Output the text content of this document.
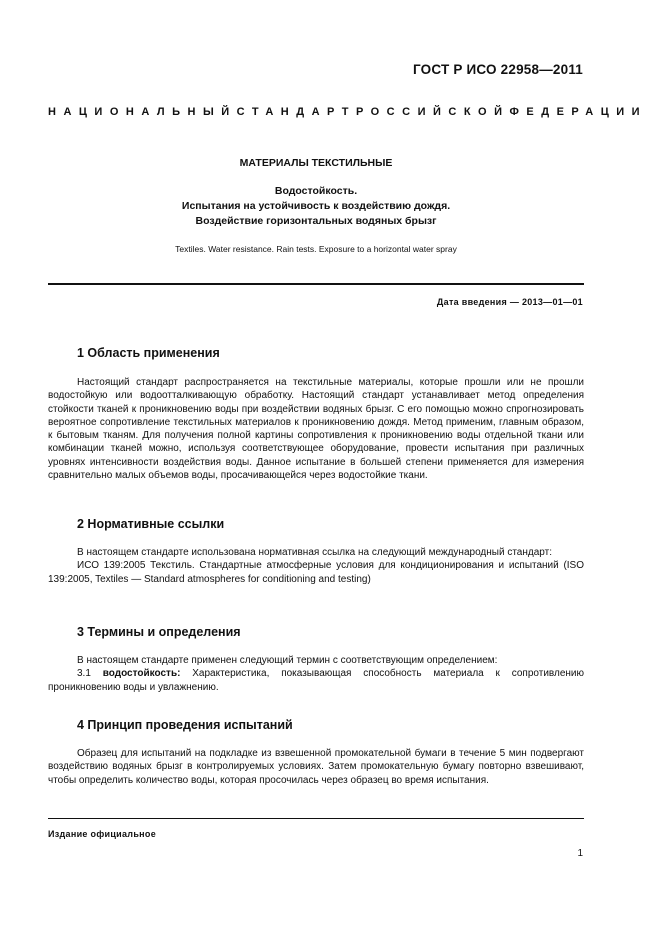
ГОСТ Р ИСО 22958—2011
НАЦИОНАЛЬНЫЙ СТАНДАРТ РОССИЙСКОЙ ФЕДЕРАЦИИ
МАТЕРИАЛЫ ТЕКСТИЛЬНЫЕ
Водостойкость.
Испытания на устойчивость к воздействию дождя.
Воздействие горизонтальных водяных брызг
Textiles. Water resistance. Rain tests. Exposure to a horizontal water spray
Дата введения — 2013—01—01
1 Область применения

Настоящий стандарт распространяется на текстильные материалы, которые прошли или не прошли водостойкую или водоотталкивающую обработку. Настоящий стандарт устанавливает метод определения стойкости тканей к проникновению воды при воздействии водяных брызг. С его помощью можно спрогнозировать вероятное сопротивление текстильных материалов к проникновению дождя. Метод применим, главным образом, к бытовым тканям. Для получения полной картины сопротивления к проникновению воды отдельной ткани или комбинации тканей можно, используя соответствующее оборудование, провести испытания при различных уровнях интенсивности воздействия воды. Данное испытание в большей степени применяется для измерения сравнительно малых объемов воды, просачивающейся через водостойкие ткани.

2 Нормативные ссылки

В настоящем стандарте использована нормативная ссылка на следующий международный стандарт:

ИСО 139:2005 Текстиль. Стандартные атмосферные условия для кондиционирования и испытаний (ISO 139:2005, Textiles — Standard atmospheres for conditioning and testing)

3 Термины и определения

В настоящем стандарте применен следующий термин с соответствующим определением:

3.1 водостойкость: Характеристика, показывающая способность материала к сопротивлению проникновению воды и увлажнению.

4 Принцип проведения испытаний

Образец для испытаний на подкладке из взвешенной промокательной бумаги в течение 5 мин подвергают воздействию водяных брызг в контролируемых условиях. Затем промокательную бумагу повторно взвешивают, чтобы определить количество воды, которая просочилась через образец во время испытания.

Издание официальное
1
